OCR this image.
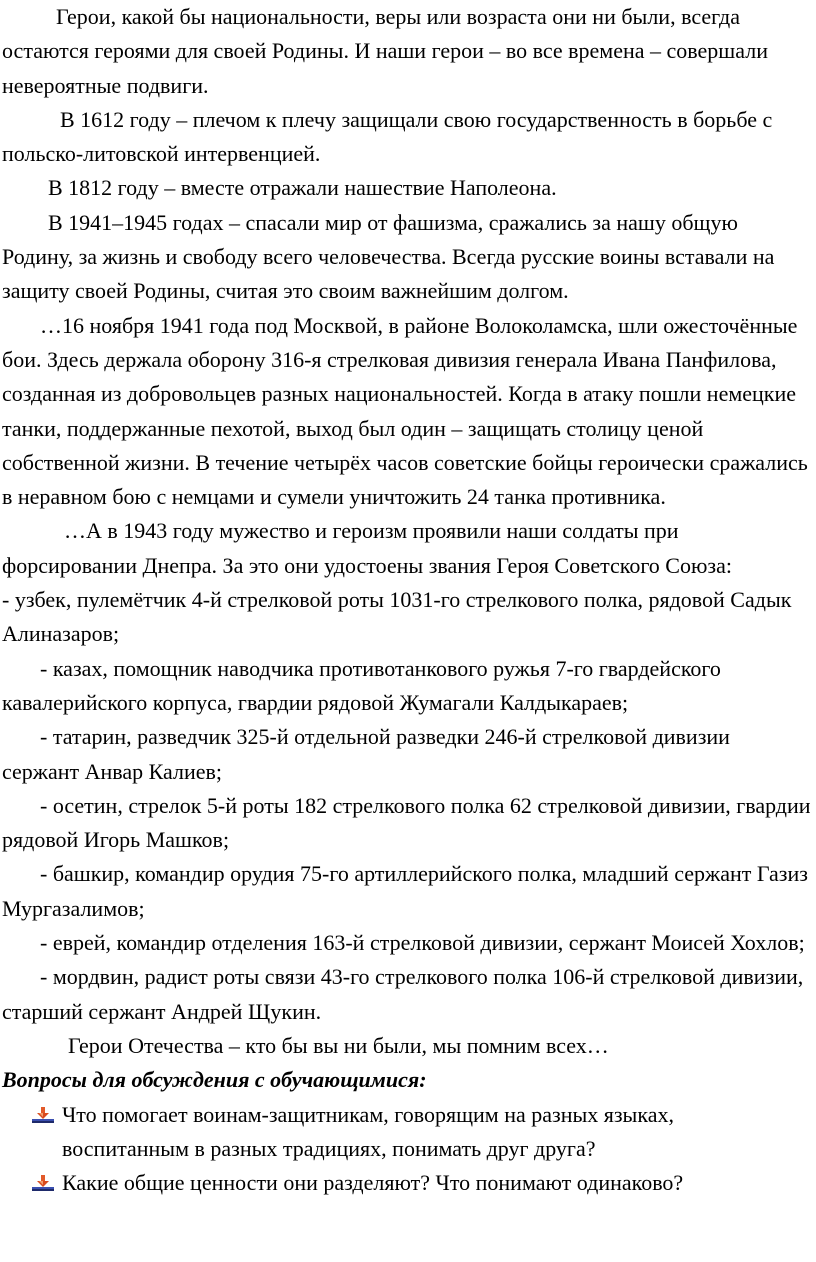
Герои, какой бы национальности, веры или возраста они ни были, всегда остаются героями для своей Родины. И наши герои – во все времена – совершали невероятные подвиги.

В 1612 году – плечом к плечу защищали свою государственность в борьбе с польско-литовской интервенцией.

В 1812 году – вместе отражали нашествие Наполеона.

В 1941–1945 годах – спасали мир от фашизма, сражались за нашу общую Родину, за жизнь и свободу всего человечества. Всегда русские воины вставали на защиту своей Родины, считая это своим важнейшим долгом.

…16 ноября 1941 года под Москвой, в районе Волоколамска, шли ожесточённые бои. Здесь держала оборону 316-я стрелковая дивизия генерала Ивана Панфилова, созданная из добровольцев разных национальностей. Когда в атаку пошли немецкие танки, поддержанные пехотой, выход был один – защищать столицу ценой собственной жизни. В течение четырёх часов советские бойцы героически сражались в неравном бою с немцами и сумели уничтожить 24 танка противника.

…А в 1943 году мужество и героизм проявили наши солдаты при форсировании Днепра. За это они удостоены звания Героя Советского Союза:

- узбек, пулемётчик 4-й стрелковой роты 1031-го стрелкового полка, рядовой Садык Алиназаров;

- казах, помощник наводчика противотанкового ружья 7-го гвардейского кавалерийского корпуса, гвардии рядовой Жумагали Калдыкараев;

- татарин, разведчик 325-й отдельной разведки 246-й стрелковой дивизии сержант Анвар Калиев;

- осетин, стрелок 5-й роты 182 стрелкового полка 62 стрелковой дивизии, гвардии рядовой Игорь Машков;

- башкир, командир орудия 75-го артиллерийского полка, младший сержант Газиз Мургазалимов;

- еврей, командир отделения 163-й стрелковой дивизии, сержант Моисей Хохлов;

- мордвин, радист роты связи 43-го стрелкового полка 106-й стрелковой дивизии, старший сержант Андрей Щукин.

Герои Отечества – кто бы вы ни были, мы помним всех…

Вопросы для обсуждения с обучающимися:

Что помогает воинам-защитникам, говорящим на разных языках, воспитанным в разных традициях, понимать друг друга?
Какие общие ценности они разделяют? Что понимают одинаково?
